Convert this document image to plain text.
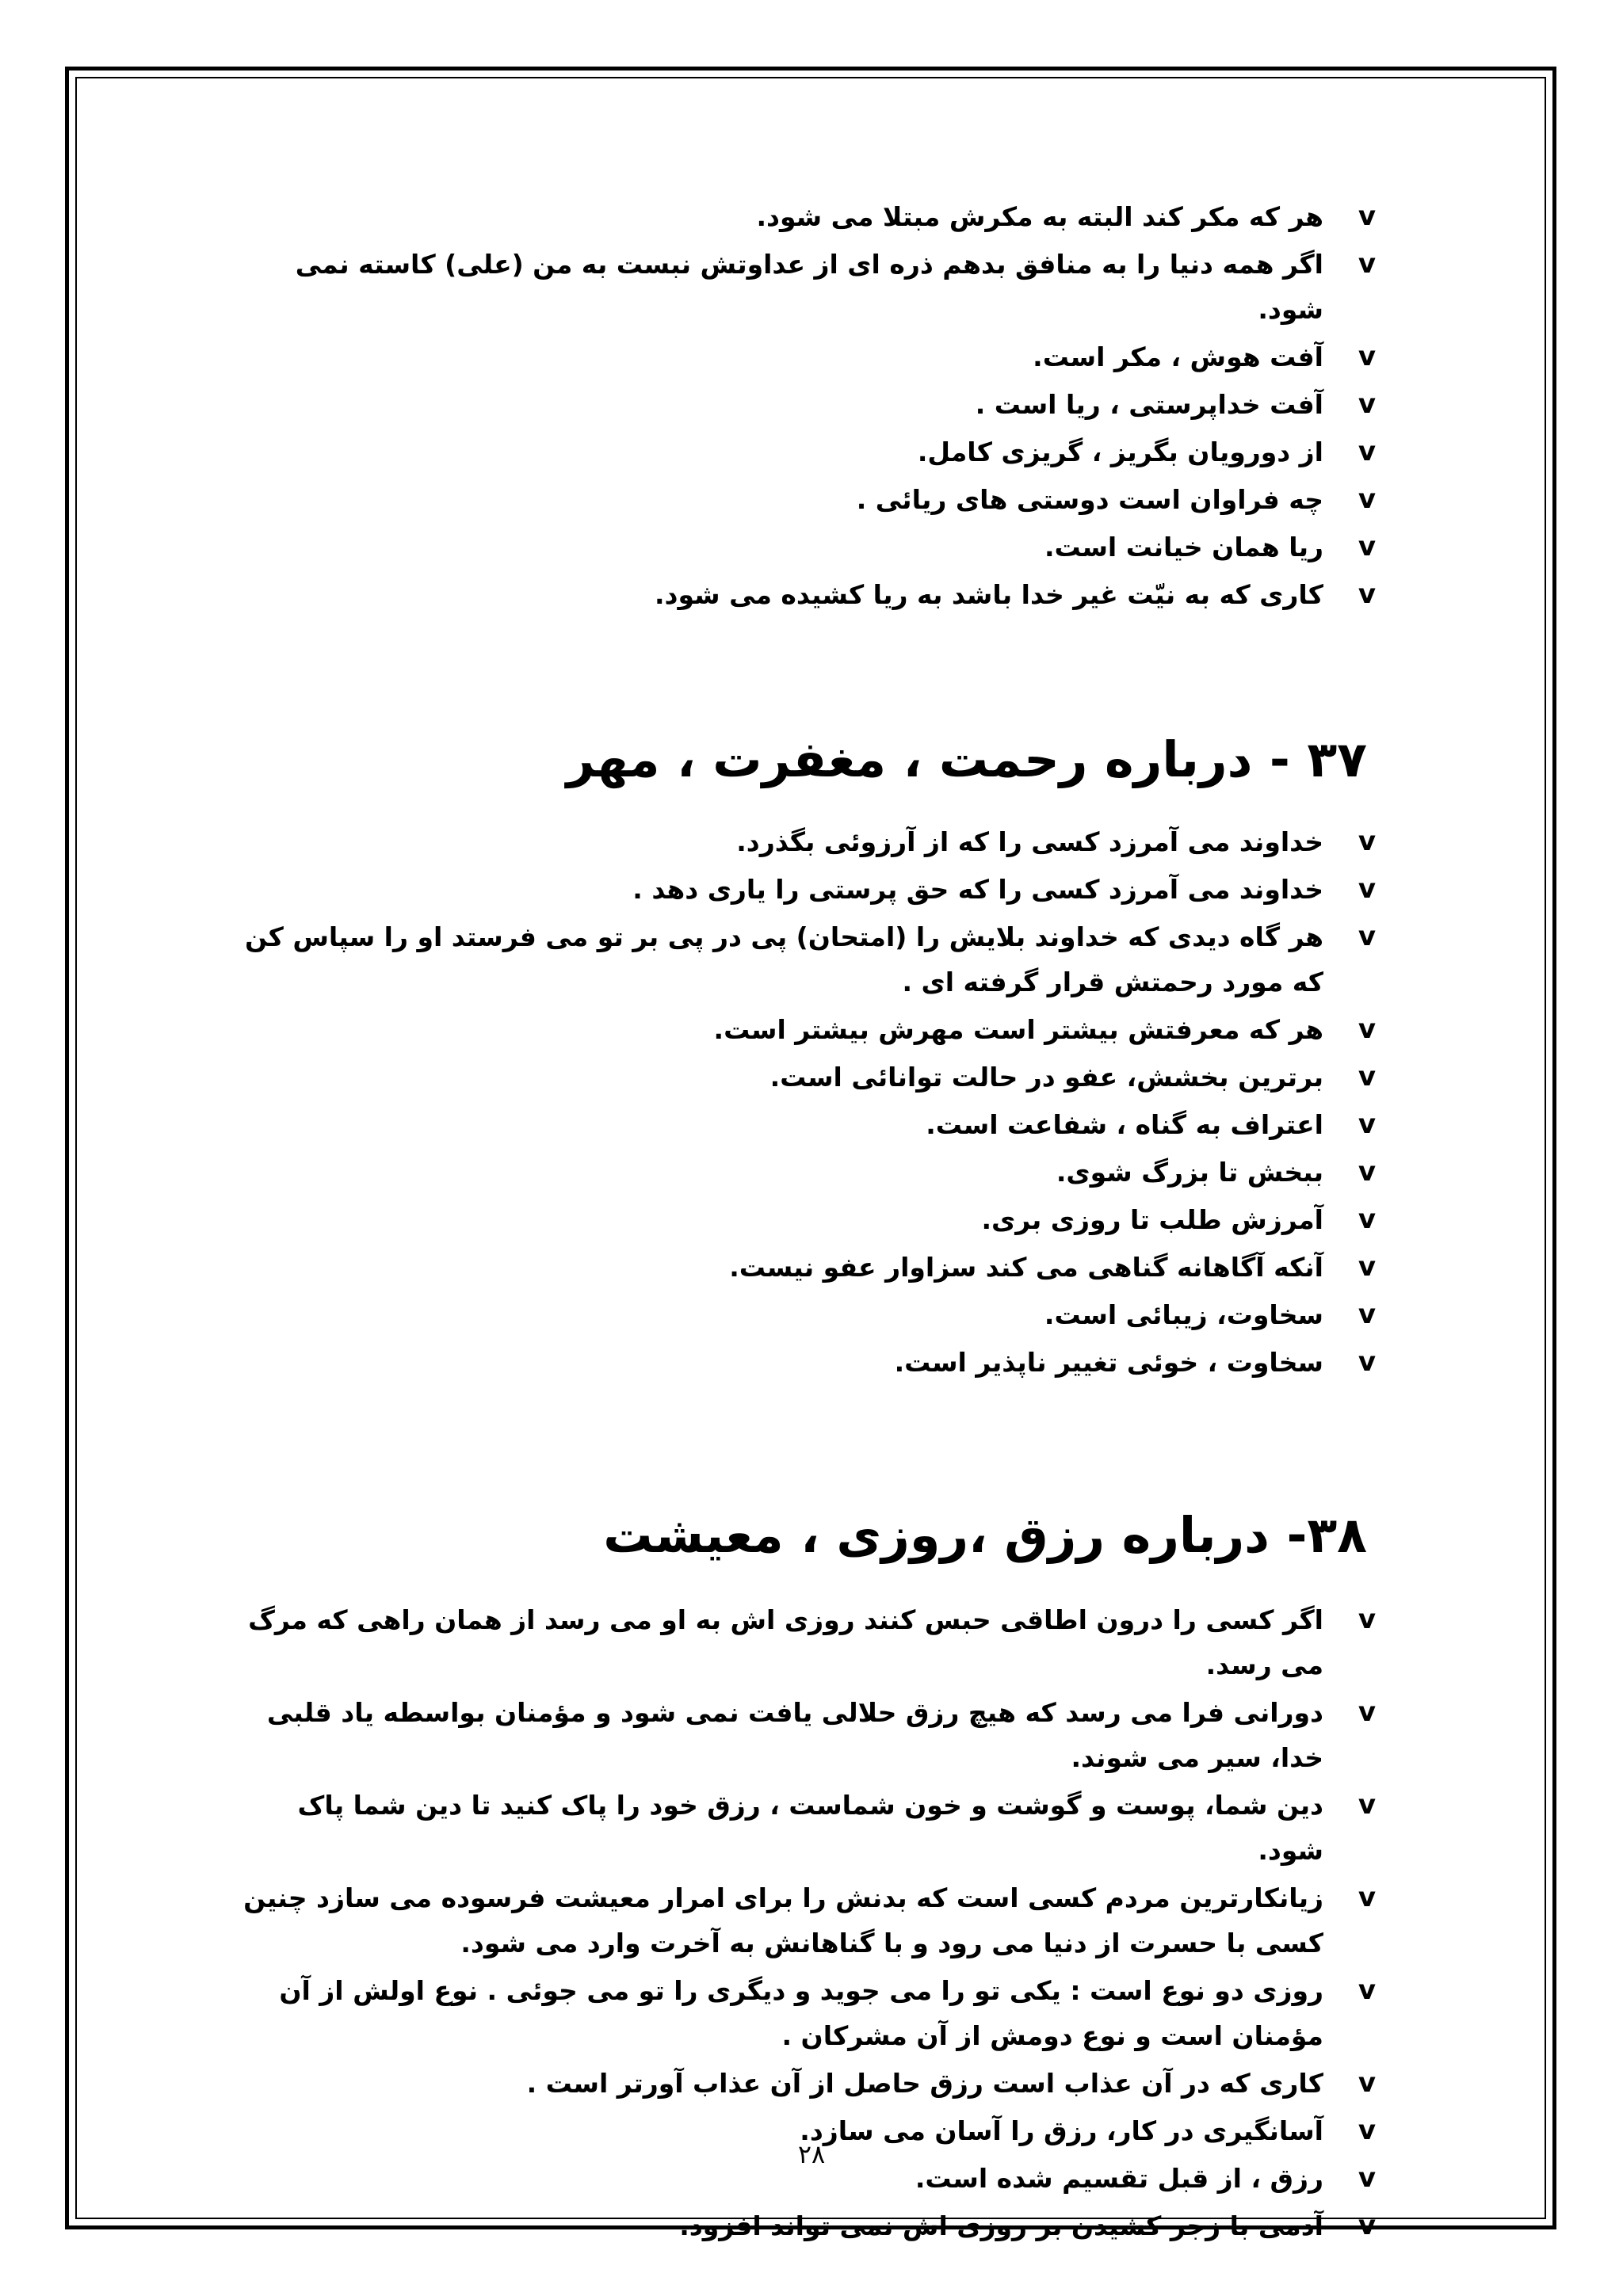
v
هر که مکر کند البته به مکرش مبتلا می شود.
v
اگر همه دنیا را به منافق بدهم ذره ای از عداوتش نبست به من (علی) کاسته نمی شود.
v
آفت هوش ، مکر است.
v
آفت خداپرستی ، ریا است .
v
از دورویان بگریز ، گریزی کامل.
v
چه فراوان است دوستی های ریائی .
v
ریا همان خیانت است.
v
کاری که به نیّت غیر خدا باشد به ریا کشیده می شود.
۳۷ - درباره رحمت ، مغفرت ، مهر
v
خداوند می آمرزد کسی را که از آرزوئی بگذرد.
v
خداوند می آمرزد کسی را که حق پرستی را یاری دهد .
v
هر گاه دیدی که خداوند بلایش را (امتحان) پی در پی بر تو می فرستد او را سپاس کن که مورد رحمتش قرار گرفته ای .
v
هر که معرفتش بیشتر است مهرش بیشتر است.
v
برترین بخشش، عفو در حالت توانائی است.
v
اعتراف به گناه ، شفاعت است.
v
ببخش تا بزرگ شوی.
v
آمرزش طلب تا روزی بری.
v
آنکه آگاهانه گناهی می کند سزاوار عفو نیست.
v
سخاوت، زیبائی است.
v
سخاوت ، خوئی تغییر ناپذیر است.
۳۸- درباره رزق ،روزی ، معیشت
v
اگر کسی را درون اطاقی حبس کنند روزی اش به او می رسد از همان راهی که مرگ می رسد.
v
دورانی فرا می رسد که هیچ رزق حلالی یافت نمی شود و مؤمنان بواسطه یاد قلبی خدا، سیر می شوند.
v
دین شما، پوست و گوشت و خون شماست ، رزق خود را پاک کنید تا دین شما پاک شود.
v
زیانکارترین مردم کسی است که بدنش را برای امرار معیشت فرسوده می سازد چنین کسی با حسرت از دنیا می رود و با گناهانش به آخرت وارد می شود.
v
روزی دو نوع است : یکی تو را می جوید و دیگری را تو می جوئی . نوع اولش از آن مؤمنان است و نوع دومش از آن مشرکان .
v
کاری که در آن عذاب است رزق حاصل از آن عذاب آورتر است .
v
آسانگیری در کار، رزق را آسان می سازد.
v
رزق ، از قبل تقسیم شده است.
v
آدمی با زجر کشیدن بر روزی اش نمی تواند افزود.
۲۸
